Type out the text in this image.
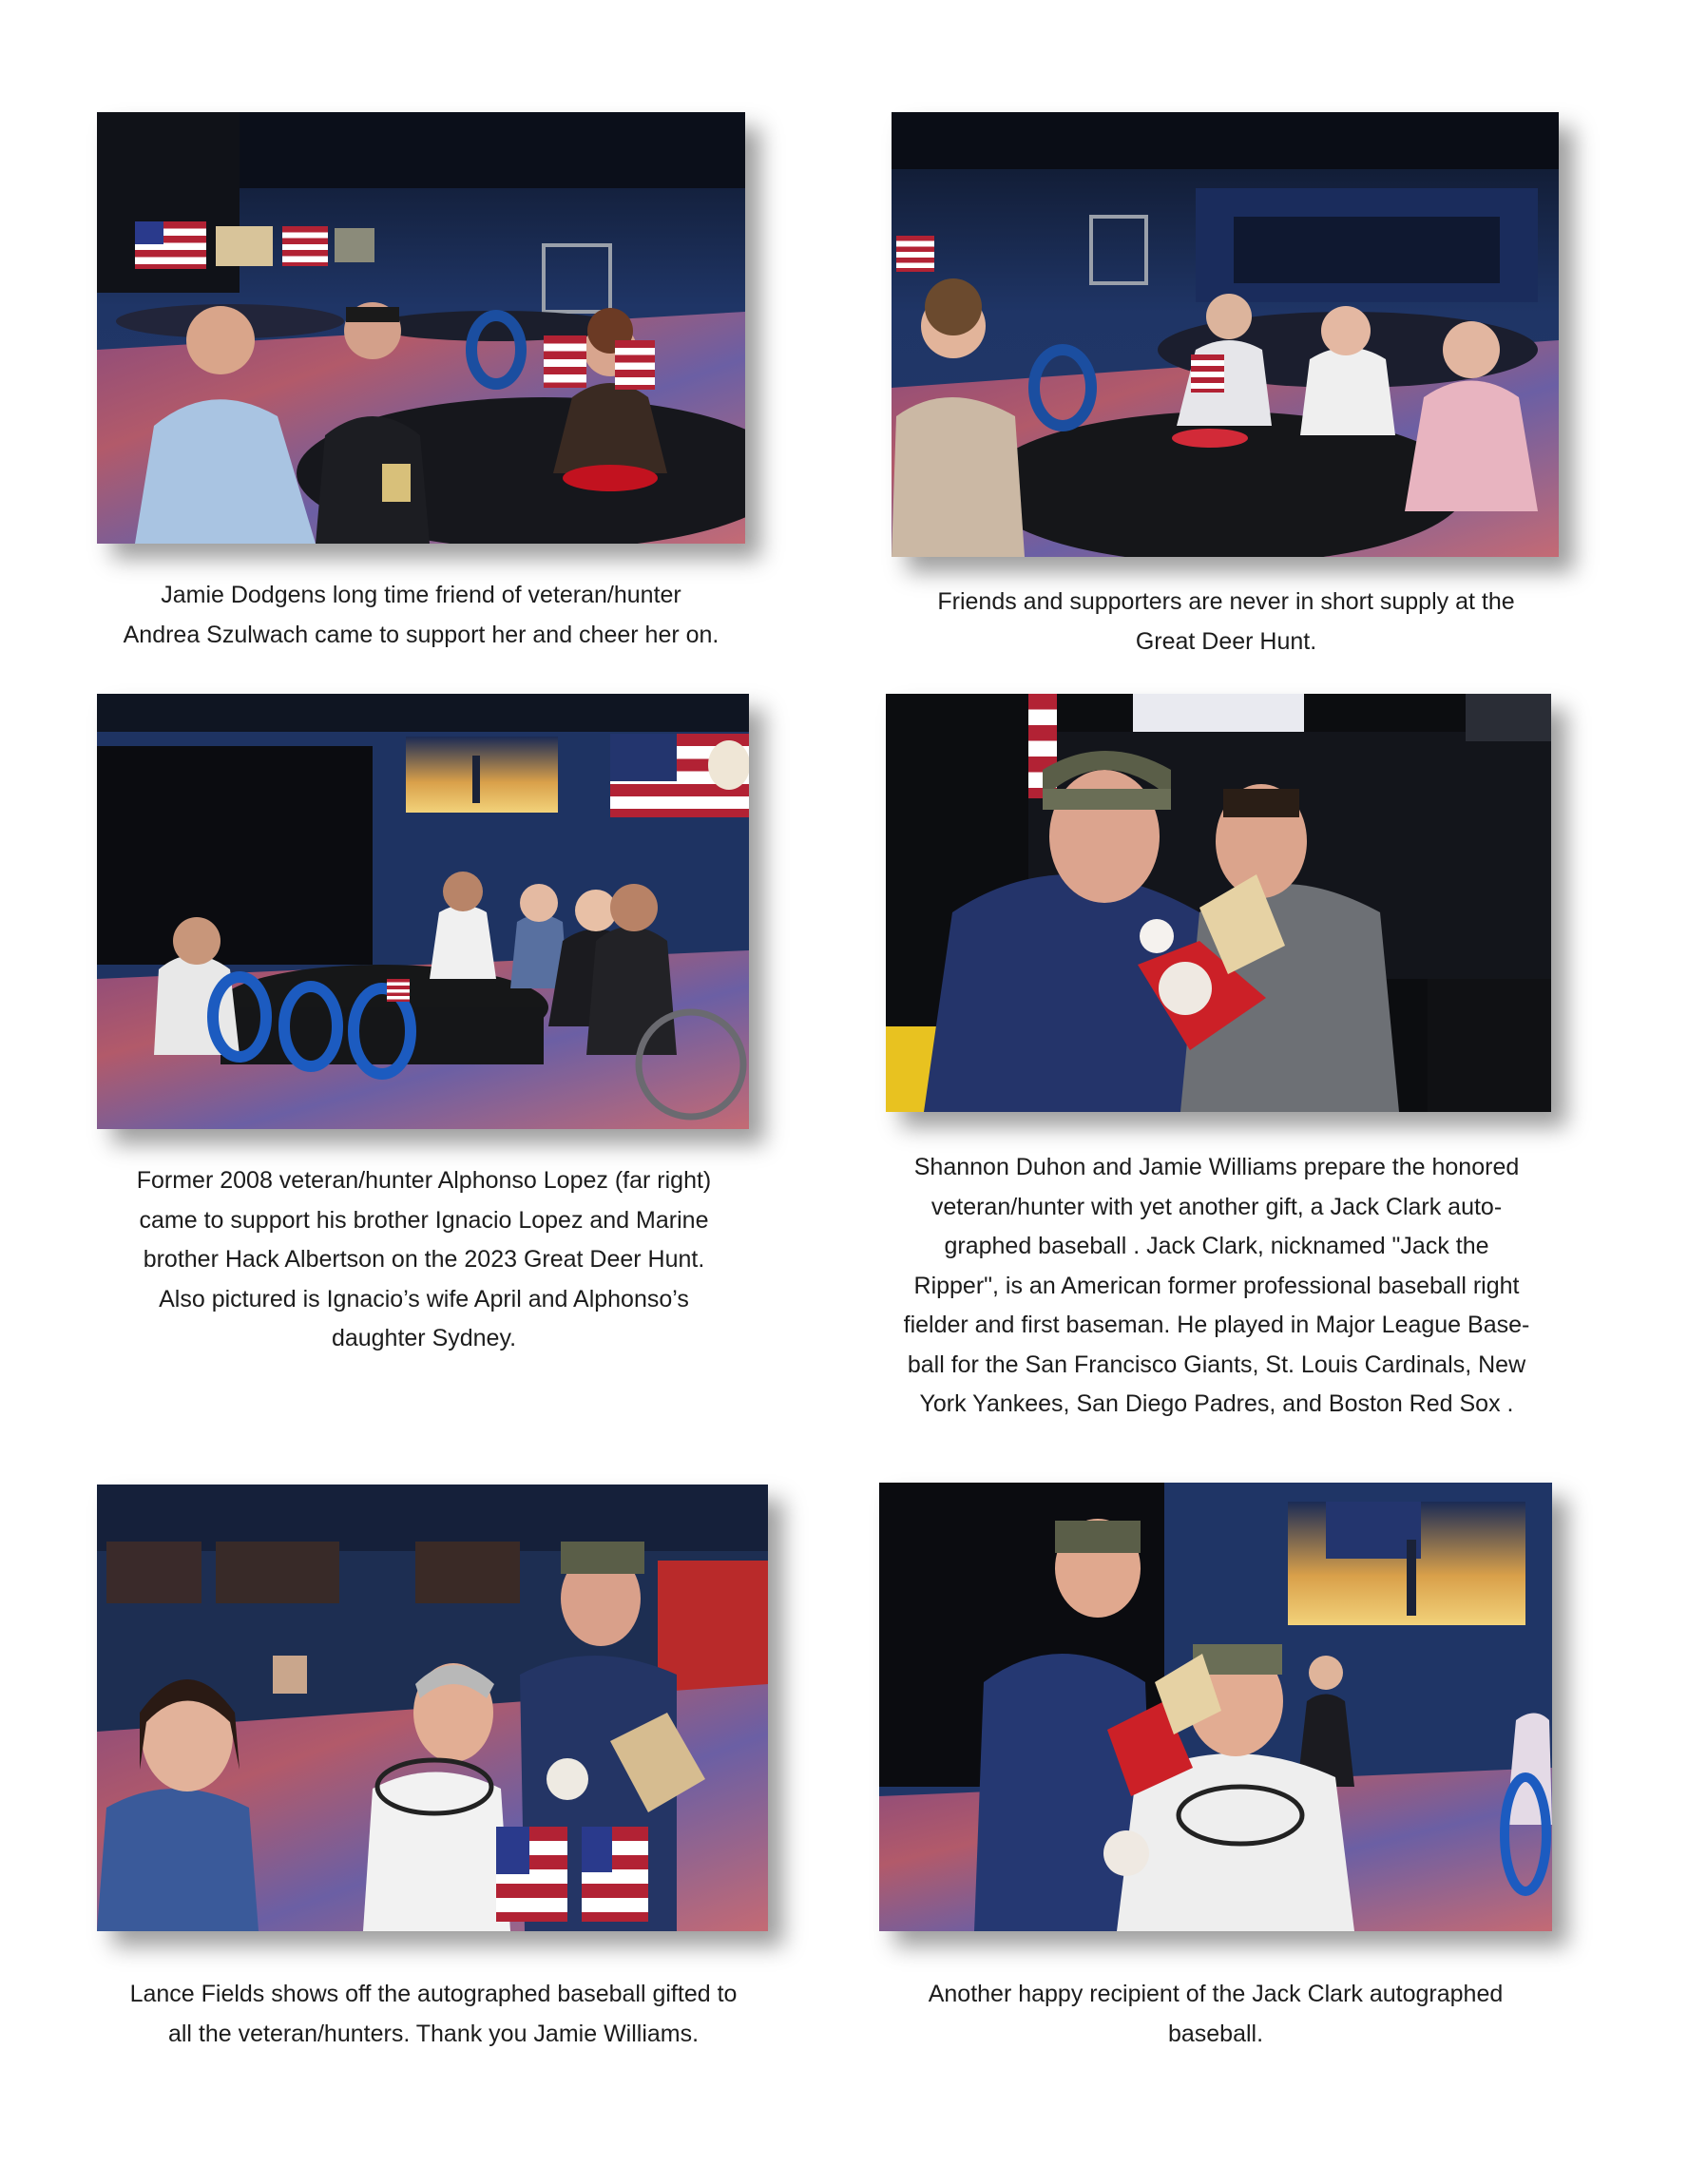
Jamie Dodgens long time friend of veteran/hunter
Andrea Szulwach came to support her and cheer her on.
Friends and supporters are never in short supply at the
Great Deer Hunt.
Former 2008 veteran/hunter Alphonso Lopez (far right)
came to support his brother Ignacio Lopez and Marine
brother Hack Albertson on the 2023 Great Deer Hunt.
Also pictured is Ignacio’s wife April and Alphonso’s
daughter Sydney.
Shannon Duhon and Jamie Williams prepare the honored
veteran/hunter with yet another gift, a Jack Clark auto-
graphed baseball . Jack Clark, nicknamed "Jack the
Ripper", is an American former professional baseball right
fielder and first baseman. He played in Major League Base-
ball for the San Francisco Giants, St. Louis Cardinals, New
York Yankees, San Diego Padres, and Boston Red Sox .
Lance Fields shows off the autographed baseball gifted to
all the veteran/hunters. Thank you Jamie Williams.
Another happy recipient of the Jack Clark autographed
baseball.
